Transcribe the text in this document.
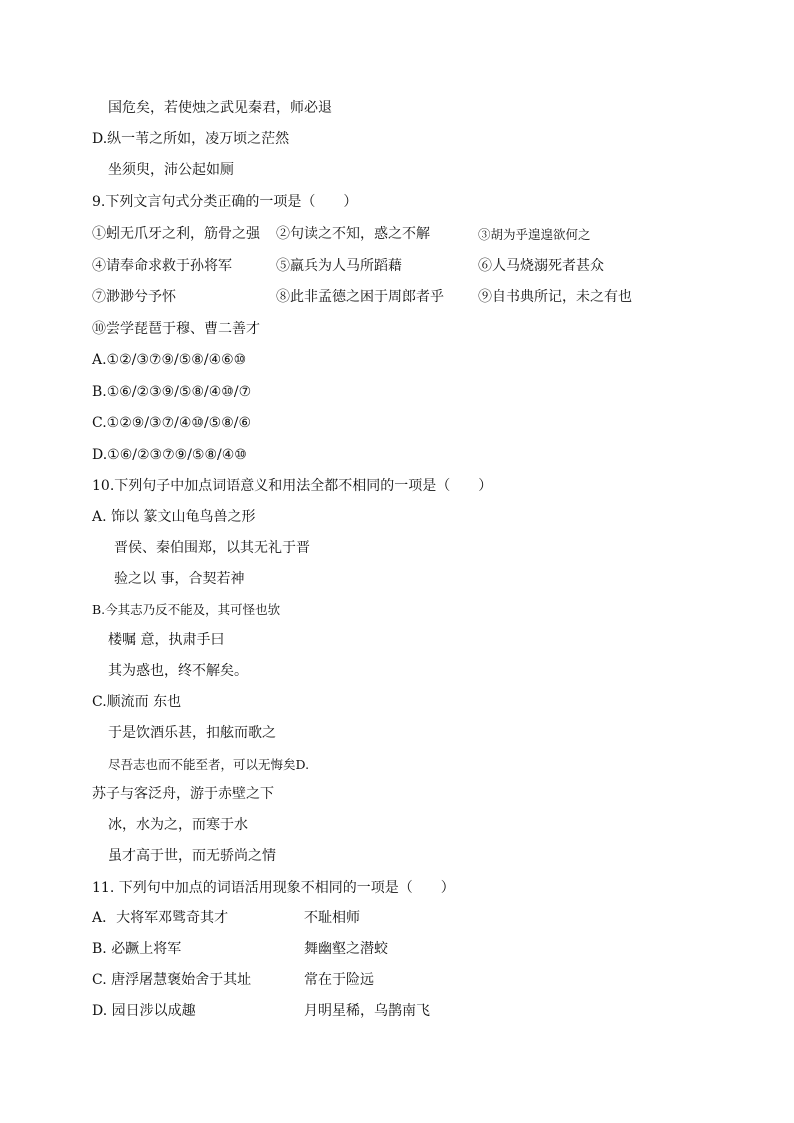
国危矣，若使烛之武见秦君，师必退
D.纵一苇之所如，凌万顷之茫然
坐须臾，沛公起如厕
9.下列文言句式分类正确的一项是（　　）
①蚓无爪牙之利，筋骨之强 ②句读之不知，惑之不解	③胡为乎遑遑欲何之
④请奉命求救于孙将军	⑤羸兵为人马所蹈藉	⑥人马烧溺死者甚众
⑦渺渺兮予怀	⑧此非孟德之困于周郎者乎 ⑨自书典所记，未之有也
⑩尝学琵琶于穆、曹二善才
A.①②/③⑦⑨/⑤⑧/④⑥⑩
B.①⑥/②③⑨/⑤⑧/④⑩/⑦
C.①②⑨/③⑦/④⑩/⑤⑧/⑥
D.①⑥/②③⑦⑨/⑤⑧/④⑩
10.下列句子中加点词语意义和用法全都不相同的一项是（　　）
A. 饰以 篆文山龟鸟兽之形
晋侯、秦伯围郑，以其无礼于晋
验之以 事，合契若神
B.今其志乃反不能及，其可怪也欤
楼嘱 意，执肃手曰
其为惑也，终不解矣。
C.顺流而 东也
于是饮酒乐甚，扣舷而歌之
尽吾志也而不能至者，可以无悔矣D.
苏子与客泛舟，游于赤壁之下
冰，水为之，而寒于水
虽才高于世，而无骄尚之情
11. 下列句中加点的词语活用现象不相同的一项是（　　）
A．大将军邓骘奇其才	不耻相师
B. 必蹶上将军	舞幽壑之潜蛟
C. 唐浮屠慧褒始舍于其址	常在于险远
D. 园日涉以成趣	月明星稀，乌鹊南飞
